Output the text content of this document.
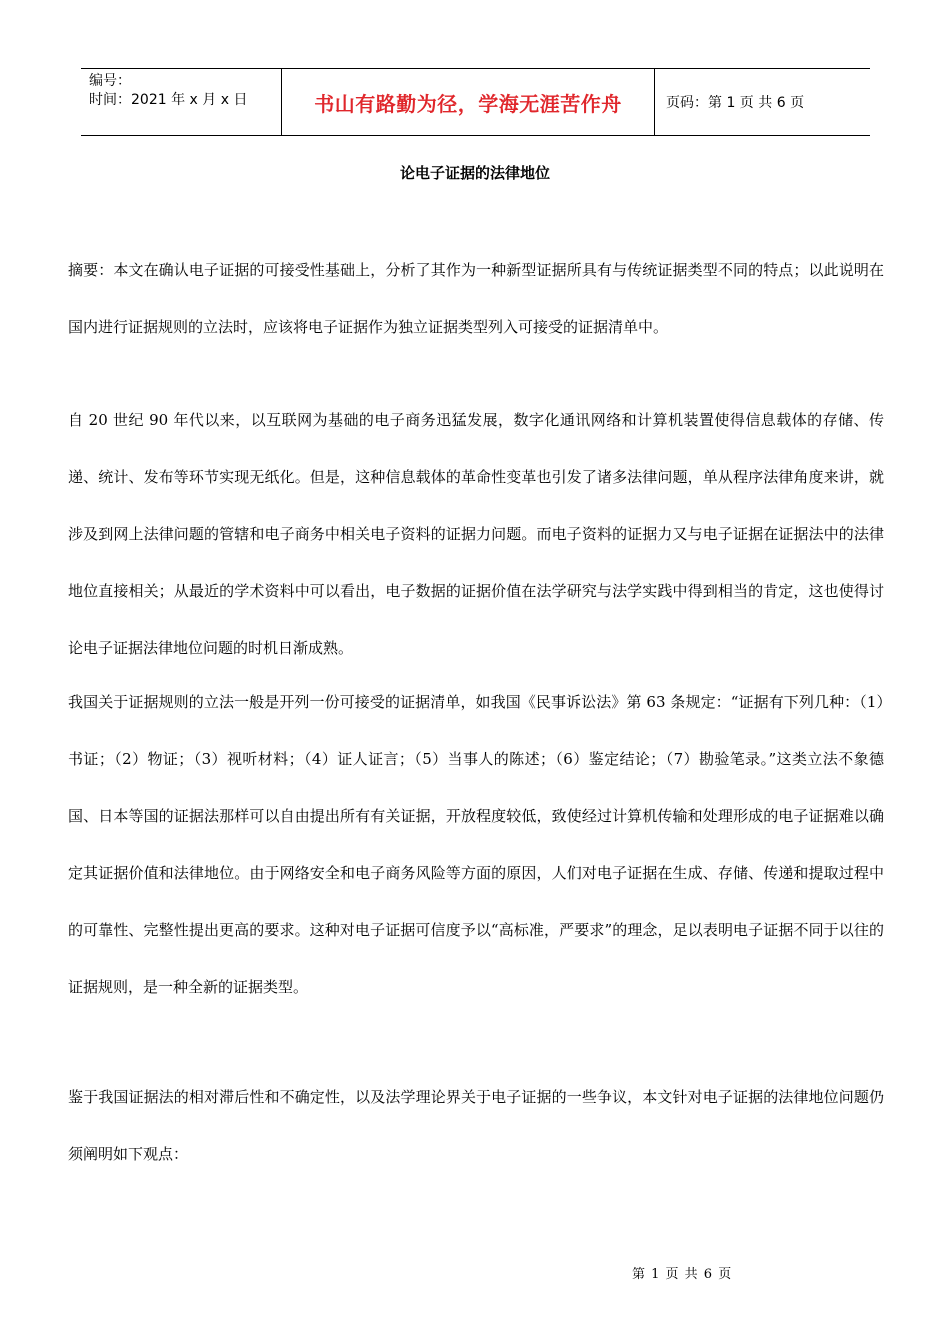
编号：
时间：2021 年 x 月 x 日	书山有路勤为径，学海无涯苦作舟	页码：第 1 页 共 6 页
论电子证据的法律地位
摘要：本文在确认电子证据的可接受性基础上，分析了其作为一种新型证据所具有与传统证据类型不同的特点；以此说明在国内进行证据规则的立法时，应该将电子证据作为独立证据类型列入可接受的证据清单中。
自 20 世纪 90 年代以来，以互联网为基础的电子商务迅猛发展，数字化通讯网络和计算机装置使得信息载体的存储、传递、统计、发布等环节实现无纸化。但是，这种信息载体的革命性变革也引发了诸多法律问题，单从程序法律角度来讲，就涉及到网上法律问题的管辖和电子商务中相关电子资料的证据力问题。而电子资料的证据力又与电子证据在证据法中的法律地位直接相关；从最近的学术资料中可以看出，电子数据的证据价值在法学研究与法学实践中得到相当的肯定，这也使得讨论电子证据法律地位问题的时机日渐成熟。
我国关于证据规则的立法一般是开列一份可接受的证据清单，如我国《民事诉讼法》第 63 条规定：“证据有下列几种：（1）书证；（2）物证；（3）视听材料；（4）证人证言；（5）当事人的陈述；（6）鉴定结论；（7）勘验笔录。”这类立法不象德国、日本等国的证据法那样可以自由提出所有有关证据，开放程度较低，致使经过计算机传输和处理形成的电子证据难以确定其证据价值和法律地位。由于网络安全和电子商务风险等方面的原因，人们对电子证据在生成、存储、传递和提取过程中的可靠性、完整性提出更高的要求。这种对电子证据可信度予以“高标准，严要求”的理念，足以表明电子证据不同于以往的证据规则，是一种全新的证据类型。
鉴于我国证据法的相对滞后性和不确定性，以及法学理论界关于电子证据的一些争议，本文针对电子证据的法律地位问题仍须阐明如下观点：
第 1 页 共 6 页
